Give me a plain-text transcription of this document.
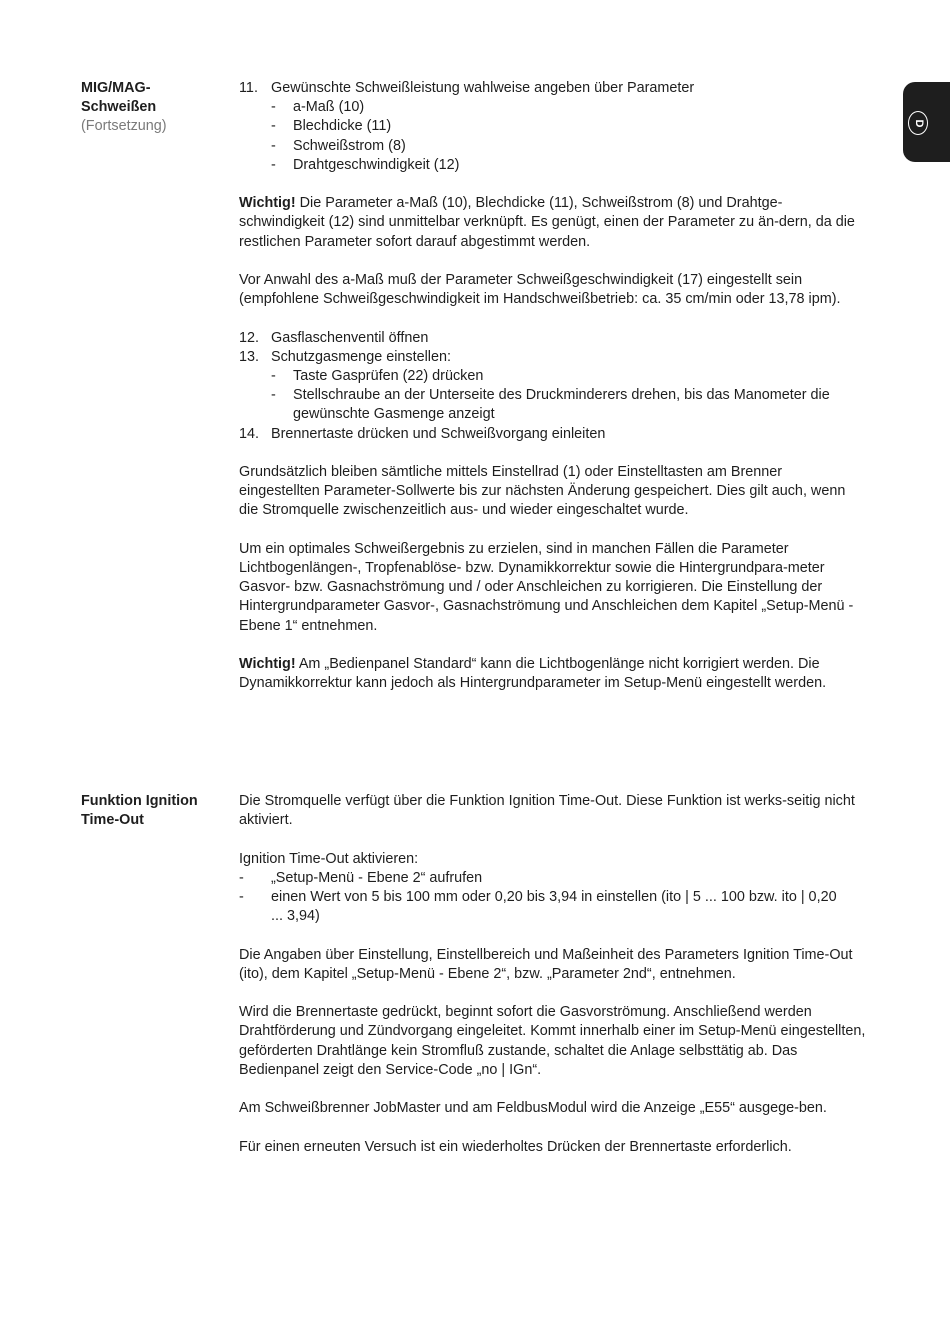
D
MIG/MAG-Schweißen
(Fortsetzung)
11. Gewünschte Schweißleistung wahlweise angeben über Parameter
- a-Maß (10)
- Blechdicke (11)
- Schweißstrom (8)
- Drahtgeschwindigkeit (12)

Wichtig! Die Parameter a-Maß (10), Blechdicke (11), Schweißstrom (8) und Drahtge-schwindigkeit (12) sind unmittelbar verknüpft. Es genügt, einen der Parameter zu än-dern, da die restlichen Parameter sofort darauf abgestimmt werden.

Vor Anwahl des a-Maß muß der Parameter Schweißgeschwindigkeit (17) eingestellt sein (empfohlene Schweißgeschwindigkeit im Handschweißbetrieb: ca. 35 cm/min oder 13,78 ipm).

12. Gasflaschenventil öffnen
13. Schutzgasmenge einstellen:
- Taste Gasprüfen (22) drücken
- Stellschraube an der Unterseite des Druckminderers drehen, bis das Manometer die gewünschte Gasmenge anzeigt
14. Brennertaste drücken und Schweißvorgang einleiten

Grundsätzlich bleiben sämtliche mittels Einstellrad (1) oder Einstelltasten am Brenner eingestellten Parameter-Sollwerte bis zur nächsten Änderung gespeichert. Dies gilt auch, wenn die Stromquelle zwischenzeitlich aus- und wieder eingeschaltet wurde.

Um ein optimales Schweißergebnis zu erzielen, sind in manchen Fällen die Parameter Lichtbogenlängen-, Tropfenablöse- bzw. Dynamikkorrektur sowie die Hintergrundpara-meter Gasvor- bzw. Gasnachströmung und / oder Anschleichen zu korrigieren. Die Einstellung der Hintergrundparameter Gasvor-, Gasnachströmung und Anschleichen dem Kapitel „Setup-Menü - Ebene 1“ entnehmen.

Wichtig! Am „Bedienpanel Standard“ kann die Lichtbogenlänge nicht korrigiert werden. Die Dynamikkorrektur kann jedoch als Hintergrundparameter im Setup-Menü eingestellt werden.

Funktion Ignition Time-Out

Die Stromquelle verfügt über die Funktion Ignition Time-Out. Diese Funktion ist werks-seitig nicht aktiviert.

Ignition Time-Out aktivieren:

- „Setup-Menü - Ebene 2“ aufrufen
- einen Wert von 5 bis 100 mm oder 0,20 bis 3,94 in einstellen (ito | 5 ... 100 bzw. ito | 0,20 ... 3,94)

Die Angaben über Einstellung, Einstellbereich und Maßeinheit des Parameters Ignition Time-Out (ito), dem Kapitel „Setup-Menü - Ebene 2“, bzw. „Parameter 2nd“, entnehmen.

Wird die Brennertaste gedrückt, beginnt sofort die Gasvorströmung. Anschließend werden Drahtförderung und Zündvorgang eingeleitet. Kommt innerhalb einer im Setup-Menü eingestellten, geförderten Drahtlänge kein Stromfluß zustande, schaltet die Anlage selbsttätig ab. Das Bedienpanel zeigt den Service-Code „no | IGn“.

Am Schweißbrenner JobMaster und am FeldbusModul wird die Anzeige „E55“ ausgege-ben.

Für einen erneuten Versuch ist ein wiederholtes Drücken der Brennertaste erforderlich.
